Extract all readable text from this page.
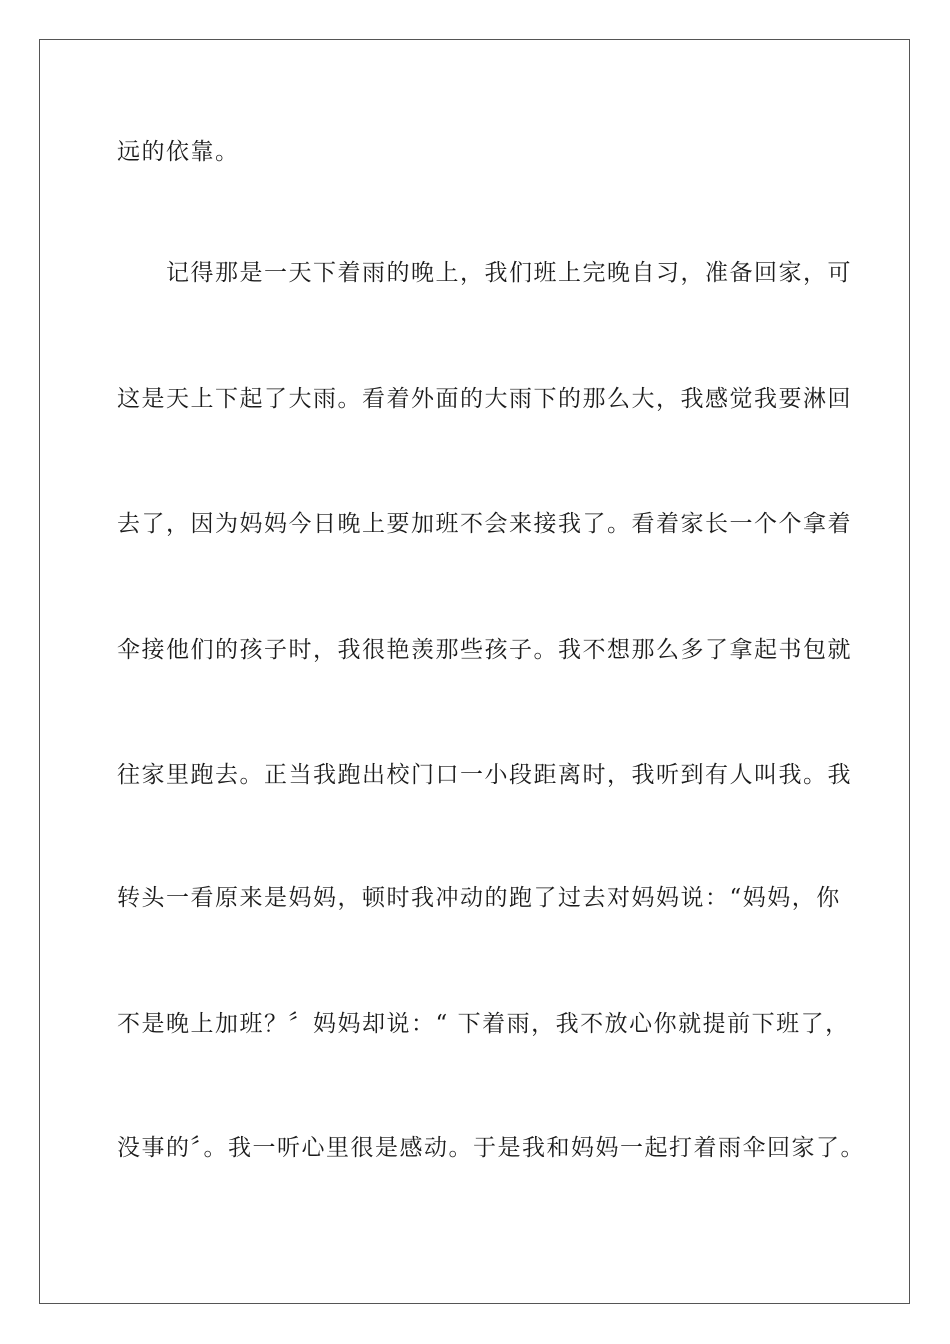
远的依靠。
　　记得那是一天下着雨的晚上，我们班上完晚自习，准备回家，可
这是天上下起了大雨。看着外面的大雨下的那么大，我感觉我要淋回
去了，因为妈妈今日晚上要加班不会来接我了。看着家长一个个拿着
伞接他们的孩子时，我很艳羡那些孩子。我不想那么多了拿起书包就
往家里跑去。正当我跑出校门口一小段距离时，我听到有人叫我。我
转头一看原来是妈妈，顿时我冲动的跑了过去对妈妈说：“妈妈，你
不是晚上加班？〞妈妈却说：“ 下着雨，我不放心你就提前下班了，
没事的〞。我一听心里很是感动。于是我和妈妈一起打着雨伞回家了。
